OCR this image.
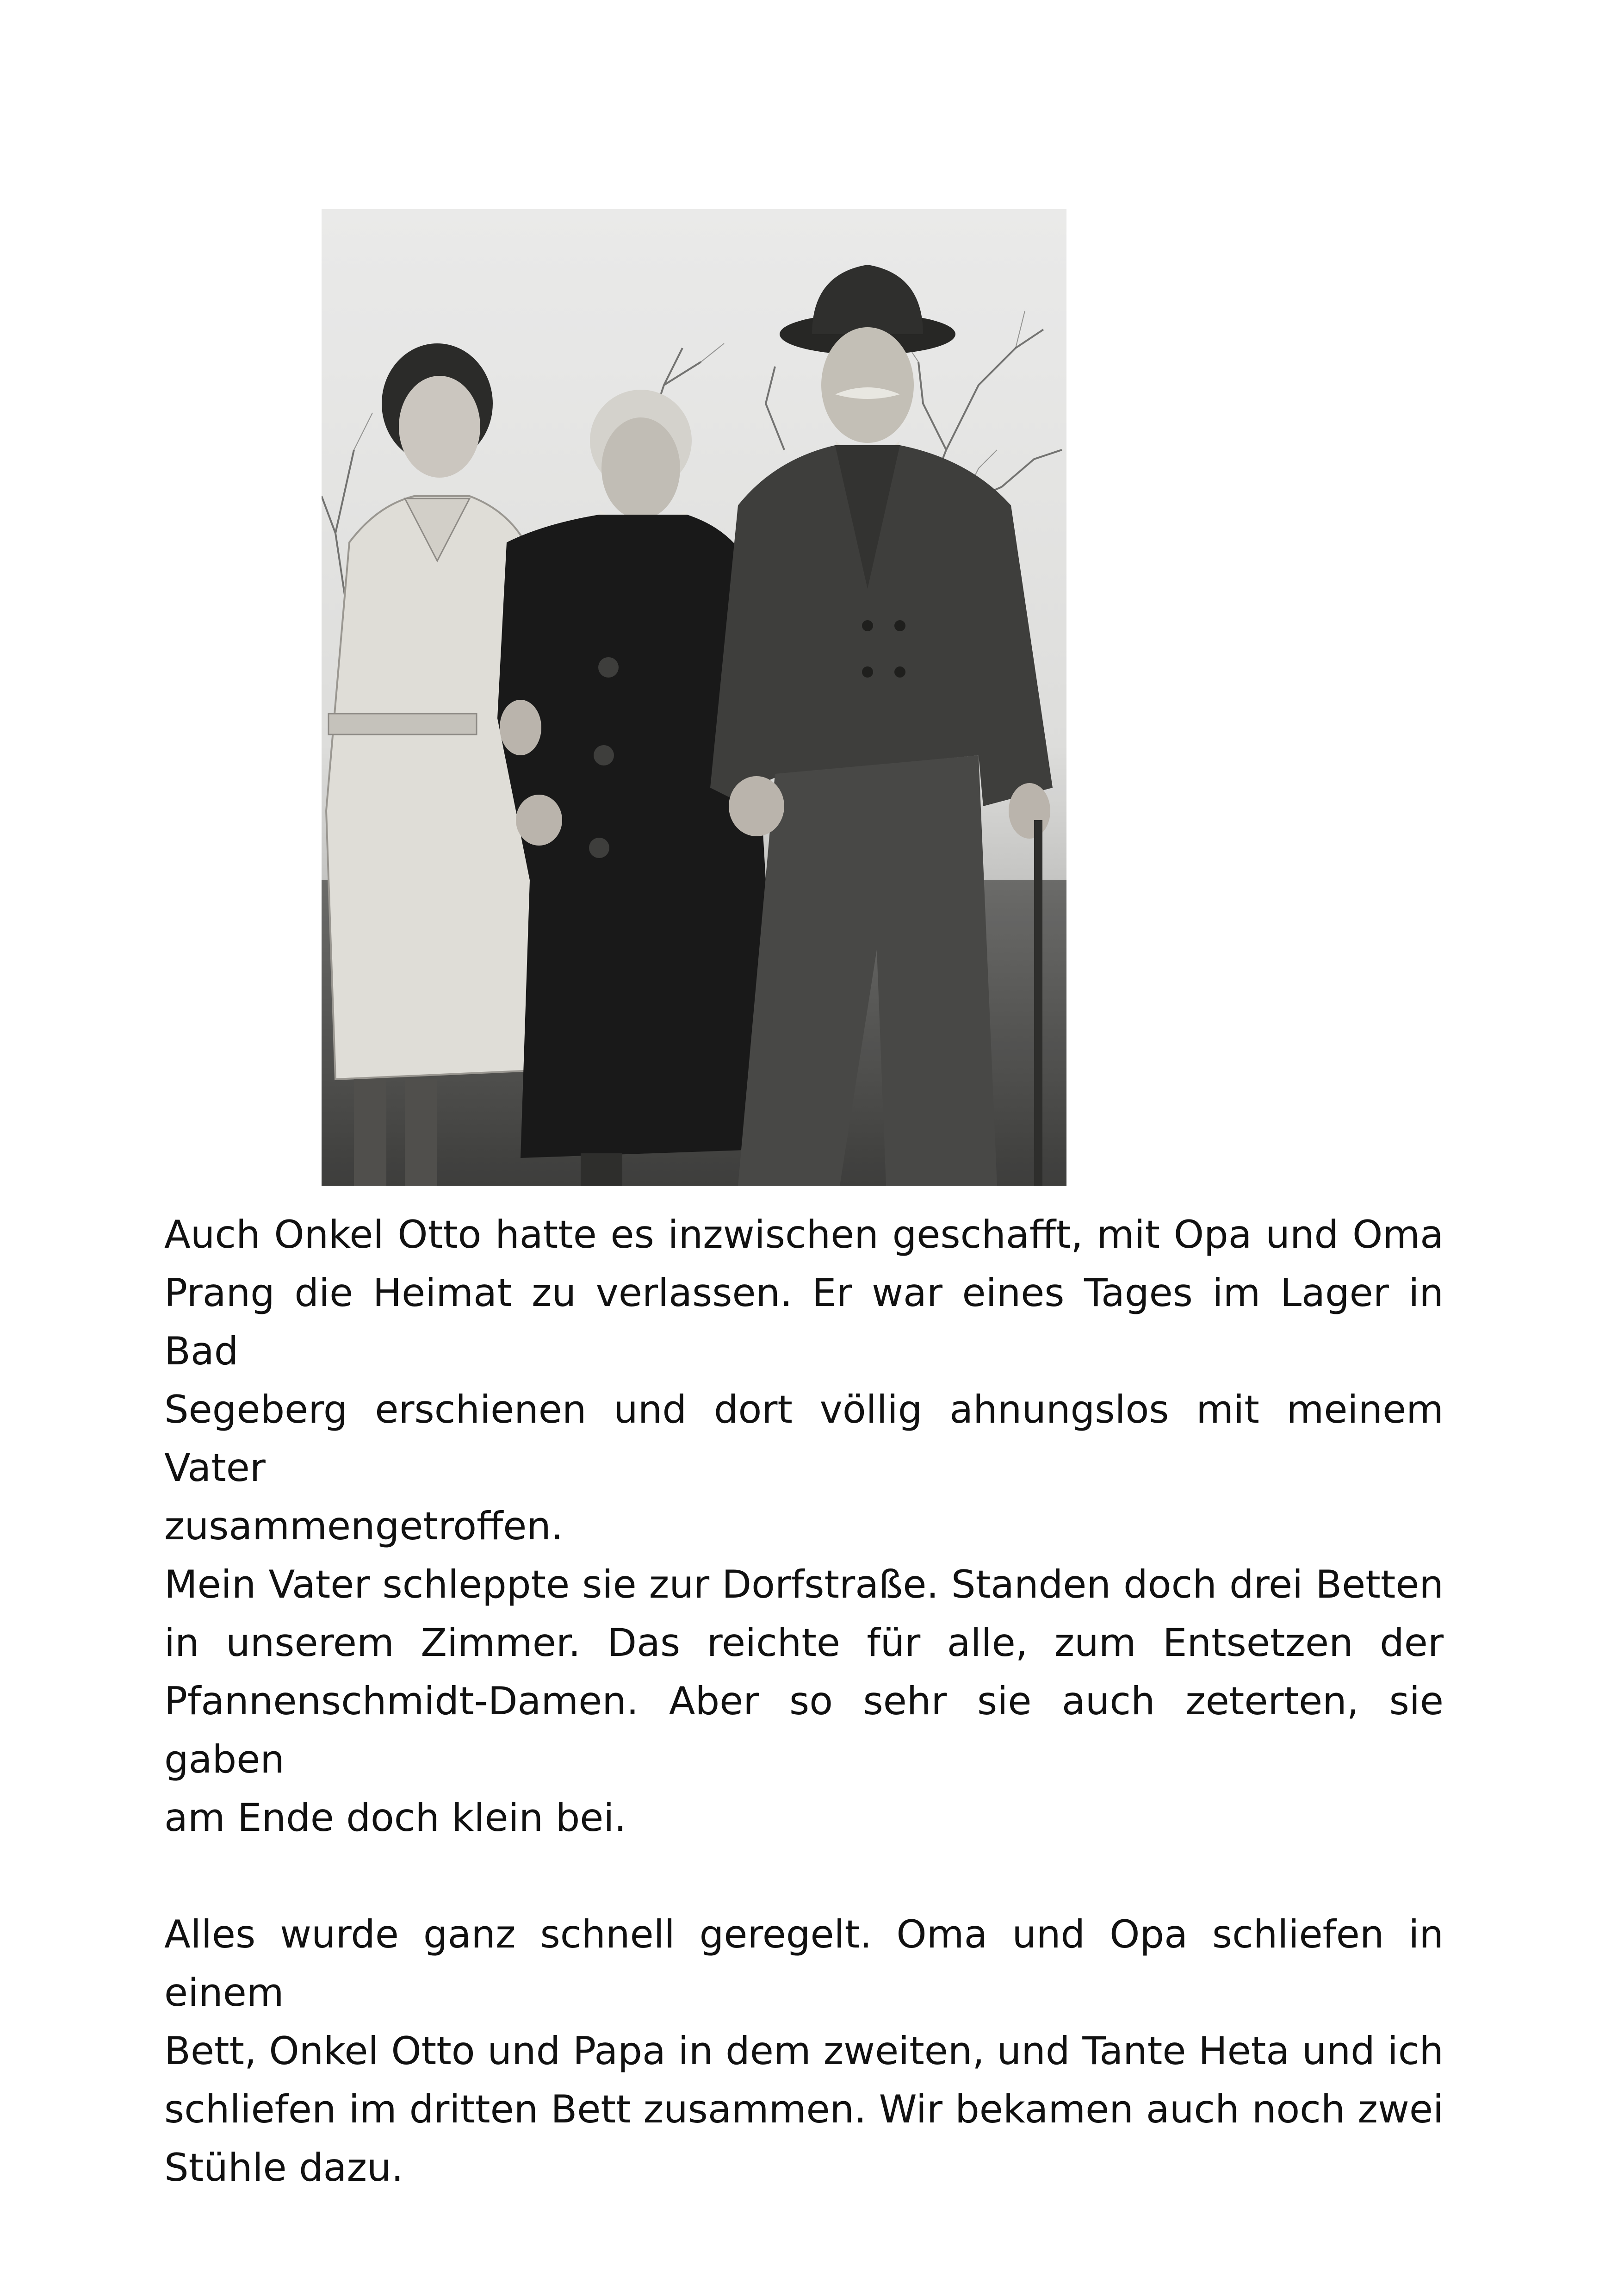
Auch Onkel Otto hatte es inzwischen geschafft, mit Opa und Oma

Prang die Heimat zu verlassen. Er war eines Tages im Lager in Bad

Segeberg erschienen und dort völlig ahnungslos mit meinem Vater

zusammengetroffen.

Mein Vater schleppte sie zur Dorfstraße. Standen doch drei Betten

in unserem Zimmer. Das reichte für alle, zum Entsetzen der

Pfannenschmidt-Damen. Aber so sehr sie auch zeterten, sie gaben

am Ende doch klein bei.

Alles wurde ganz schnell geregelt. Oma und Opa schliefen in einem

Bett, Onkel Otto und Papa in dem zweiten, und Tante Heta und ich

schliefen im dritten Bett zusammen. Wir bekamen auch noch zwei

Stühle dazu.
